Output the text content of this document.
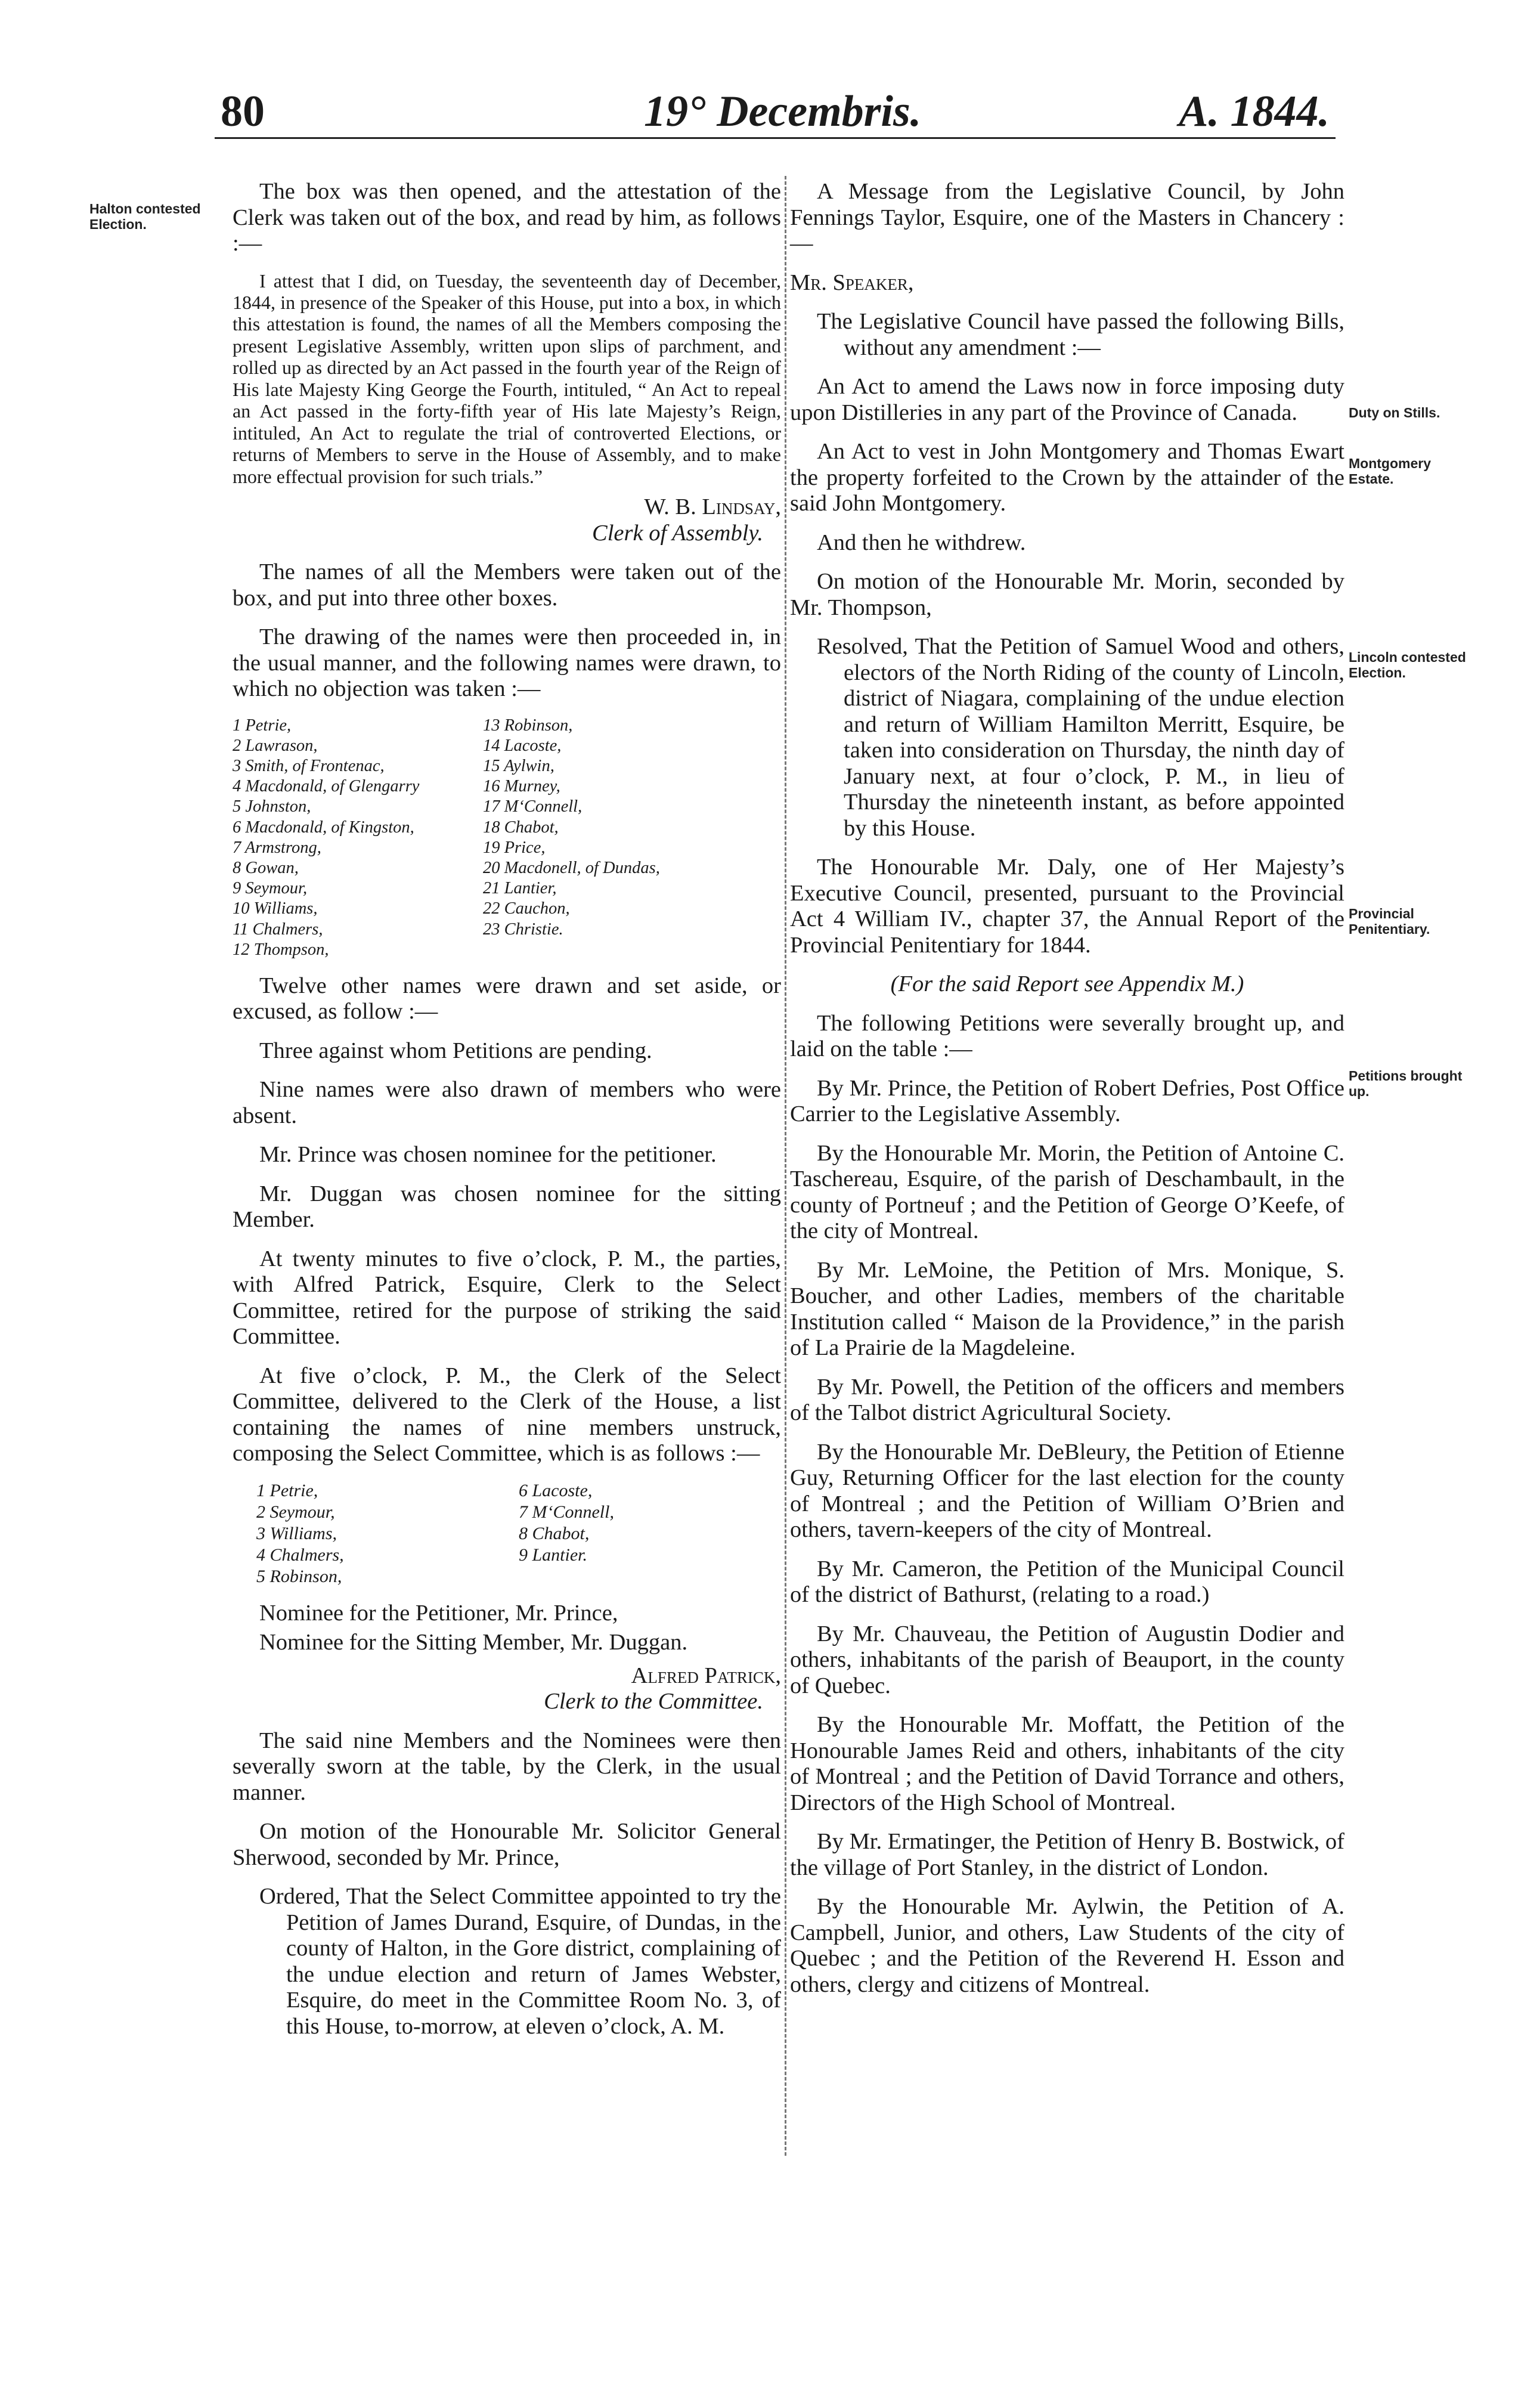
80	19° Decembris.	A. 1844.
Halton contested Election.
Duty on Stills.
Montgomery Estate.
Lincoln contested Election.
Provincial Penitentiary.
Petitions brought up.

The box was then opened, and the attestation of the Clerk was taken out of the box, and read by him, as follows :—

I attest that I did, on Tuesday, the seventeenth day of December, 1844, in presence of the Speaker of this House, put into a box, in which this attestation is found, the names of all the Members composing the present Legislative Assembly, written upon slips of parchment, and rolled up as directed by an Act passed in the fourth year of the Reign of His late Majesty King George the Fourth, intituled, “ An Act to repeal an Act passed in the forty-fifth year of His late Majesty’s Reign, intituled, An Act to regulate the trial of controverted Elections, or returns of Members to serve in the House of Assembly, and to make more effectual provision for such trials.”

W. B. Lindsay,
Clerk of Assembly.

The names of all the Members were taken out of the box, and put into three other boxes.

The drawing of the names were then proceeded in, in the usual manner, and the following names were drawn, to which no objection was taken :—

1 Petrie,	13 Robinson,
2 Lawrason,	14 Lacoste,
3 Smith, of Frontenac,	15 Aylwin,
4 Macdonald, of Glengarry	16 Murney,
5 Johnston,	17 M‘Connell,
6 Macdonald, of Kingston,	18 Chabot,
7 Armstrong,	19 Price,
8 Gowan,	20 Macdonell, of Dundas,
9 Seymour,	21 Lantier,
10 Williams,	22 Cauchon,
11 Chalmers,	23 Christie.
12 Thompson,

Twelve other names were drawn and set aside, or excused, as follow :—

Three against whom Petitions are pending.

Nine names were also drawn of members who were absent.

Mr. Prince was chosen nominee for the petitioner.

Mr. Duggan was chosen nominee for the sitting Member.

At twenty minutes to five o’clock, P. M., the parties, with Alfred Patrick, Esquire, Clerk to the Select Committee, retired for the purpose of striking the said Committee.

At five o’clock, P. M., the Clerk of the Select Committee, delivered to the Clerk of the House, a list containing the names of nine members unstruck, composing the Select Committee, which is as follows :—

1 Petrie,	6 Lacoste,
2 Seymour,	7 M‘Connell,
3 Williams,	8 Chabot,
4 Chalmers,	9 Lantier.
5 Robinson,

Nominee for the Petitioner, Mr. Prince,

Nominee for the Sitting Member, Mr. Duggan.

Alfred Patrick,
Clerk to the Committee.

The said nine Members and the Nominees were then severally sworn at the table, by the Clerk, in the usual manner.

On motion of the Honourable Mr. Solicitor General Sherwood, seconded by Mr. Prince,

Ordered, That the Select Committee appointed to try the Petition of James Durand, Esquire, of Dundas, in the county of Halton, in the Gore district, complaining of the undue election and return of James Webster, Esquire, do meet in the Committee Room No. 3, of this House, to-morrow, at eleven o’clock, A. M.

A Message from the Legislative Council, by John Fennings Taylor, Esquire, one of the Masters in Chancery :—

Mr. Speaker,

The Legislative Council have passed the following Bills, without any amendment :—

An Act to amend the Laws now in force imposing duty upon Distilleries in any part of the Province of Canada.

An Act to vest in John Montgomery and Thomas Ewart the property forfeited to the Crown by the attainder of the said John Montgomery.

And then he withdrew.

On motion of the Honourable Mr. Morin, seconded by Mr. Thompson,

Resolved, That the Petition of Samuel Wood and others, electors of the North Riding of the county of Lincoln, district of Niagara, complaining of the undue election and return of William Hamilton Merritt, Esquire, be taken into consideration on Thursday, the ninth day of January next, at four o’clock, P. M., in lieu of Thursday the nineteenth instant, as before appointed by this House.

The Honourable Mr. Daly, one of Her Majesty’s Executive Council, presented, pursuant to the Provincial Act 4 William IV., chapter 37, the Annual Report of the Provincial Penitentiary for 1844.

(For the said Report see Appendix M.)

The following Petitions were severally brought up, and laid on the table :—

By Mr. Prince, the Petition of Robert Defries, Post Office Carrier to the Legislative Assembly.

By the Honourable Mr. Morin, the Petition of Antoine C. Taschereau, Esquire, of the parish of Deschambault, in the county of Portneuf ; and the Petition of George O’Keefe, of the city of Montreal.

By Mr. LeMoine, the Petition of Mrs. Monique, S. Boucher, and other Ladies, members of the charitable Institution called “ Maison de la Providence,” in the parish of La Prairie de la Magdeleine.

By Mr. Powell, the Petition of the officers and members of the Talbot district Agricultural Society.

By the Honourable Mr. DeBleury, the Petition of Etienne Guy, Returning Officer for the last election for the county of Montreal ; and the Petition of William O’Brien and others, tavern-keepers of the city of Montreal.

By Mr. Cameron, the Petition of the Municipal Council of the district of Bathurst, (relating to a road.)

By Mr. Chauveau, the Petition of Augustin Dodier and others, inhabitants of the parish of Beauport, in the county of Quebec.

By the Honourable Mr. Moffatt, the Petition of the Honourable James Reid and others, inhabitants of the city of Montreal ; and the Petition of David Torrance and others, Directors of the High School of Montreal.

By Mr. Ermatinger, the Petition of Henry B. Bostwick, of the village of Port Stanley, in the district of London.

By the Honourable Mr. Aylwin, the Petition of A. Campbell, Junior, and others, Law Students of the city of Quebec ; and the Petition of the Reverend H. Esson and others, clergy and citizens of Montreal.
